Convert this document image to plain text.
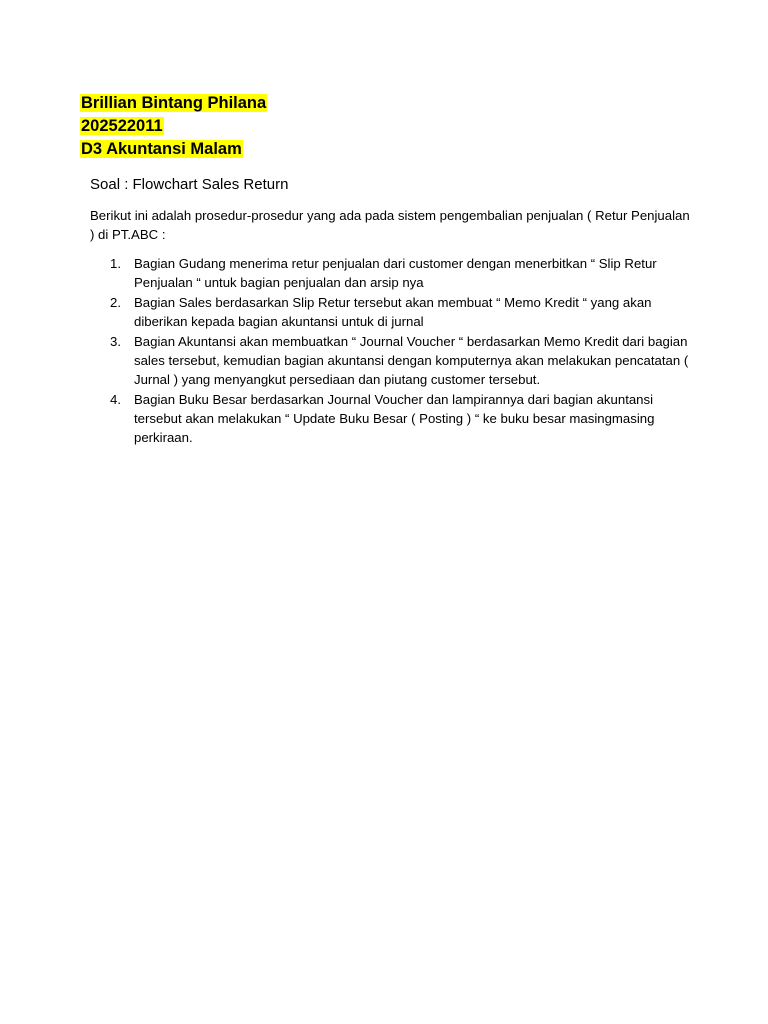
Brillian Bintang Philana
202522011
D3 Akuntansi Malam
Soal : Flowchart Sales Return

Berikut ini adalah prosedur-prosedur yang ada pada sistem pengembalian penjualan ( Retur Penjualan ) di PT.ABC :

1. Bagian Gudang menerima retur penjualan dari customer dengan menerbitkan “ Slip Retur Penjualan “ untuk bagian penjualan dan arsip nya
2. Bagian Sales berdasarkan Slip Retur tersebut akan membuat “ Memo Kredit “ yang akan diberikan kepada bagian akuntansi untuk di jurnal
3. Bagian Akuntansi akan membuatkan “ Journal Voucher “ berdasarkan Memo Kredit dari bagian sales tersebut, kemudian bagian akuntansi dengan komputernya akan melakukan pencatatan ( Jurnal ) yang menyangkut persediaan dan piutang customer tersebut.
4. Bagian Buku Besar berdasarkan Journal Voucher dan lampirannya dari bagian akuntansi tersebut akan melakukan “ Update Buku Besar ( Posting ) “ ke buku besar masingmasing perkiraan.
